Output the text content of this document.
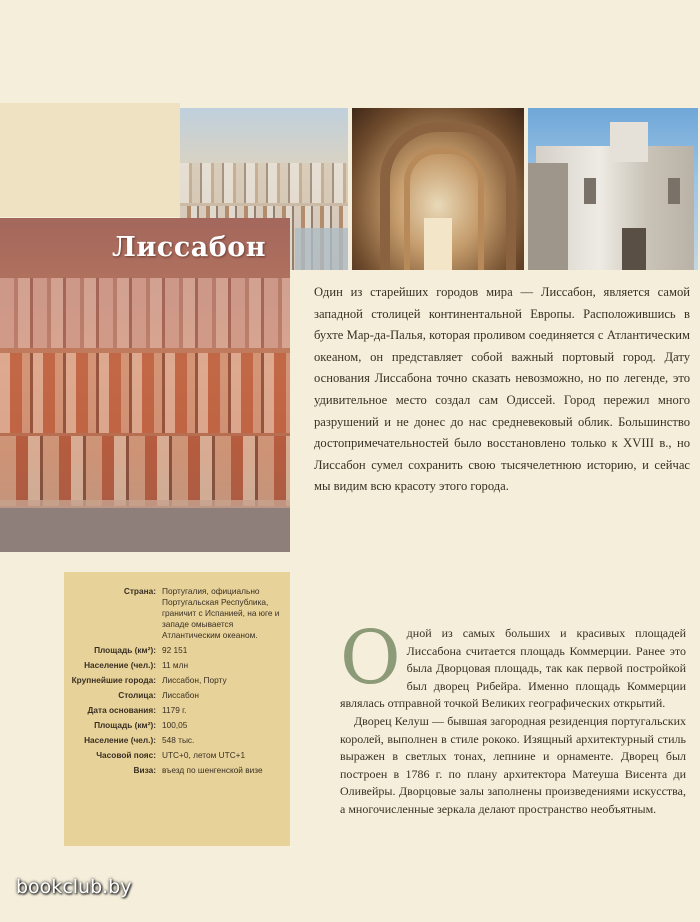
Лиссабон

Один из старейших городов мира — Лиссабон, является самой западной столицей континентальной Европы. Расположившись в бухте Мар-да-Палья, которая проливом соединяется с Атлантическим океаном, он представляет собой важный портовый город. Дату основания Лиссабона точно сказать невозможно, но по легенде, это удивительное место создал сам Одиссей. Город пережил много разрушений и не донес до нас средневековый облик. Большинство достопримечательностей было восстановлено только к XVIII в., но Лиссабон сумел сохранить свою тысячелетнюю историю, и сейчас мы видим всю красоту этого города.

Страна: Португалия, официально Португальская Республика, граничит с Испанией, на юге и западе омывается Атлантическим океаном.
Площадь (км²): 92 151
Население (чел.): 11 млн
Крупнейшие города: Лиссабон, Порту
Столица: Лиссабон
Дата основания: 1179 г.
Площадь (км²): 100,05
Население (чел.): 548 тыс.
Часовой пояс: UTC+0, летом UTC+1
Виза: въезд по шенгенской визе
О дной из самых больших и красивых площадей Лиссабона считается площадь Коммерции. Ранее это была Дворцовая площадь, так как первой постройкой был дворец Рибейра. Именно площадь Коммерции являлась отправной точкой Великих географических открытий.

Дворец Келуш — бывшая загородная резиденция португальских королей, выполнен в стиле рококо. Изящный архитектурный стиль выражен в светлых тонах, лепнине и орнаменте. Дворец был построен в 1786 г. по плану архитектора Матеуша Висента ди Оливейры. Дворцовые залы заполнены произведениями искусства, а многочисленные зеркала делают пространство необъятным.

bookclub.by
